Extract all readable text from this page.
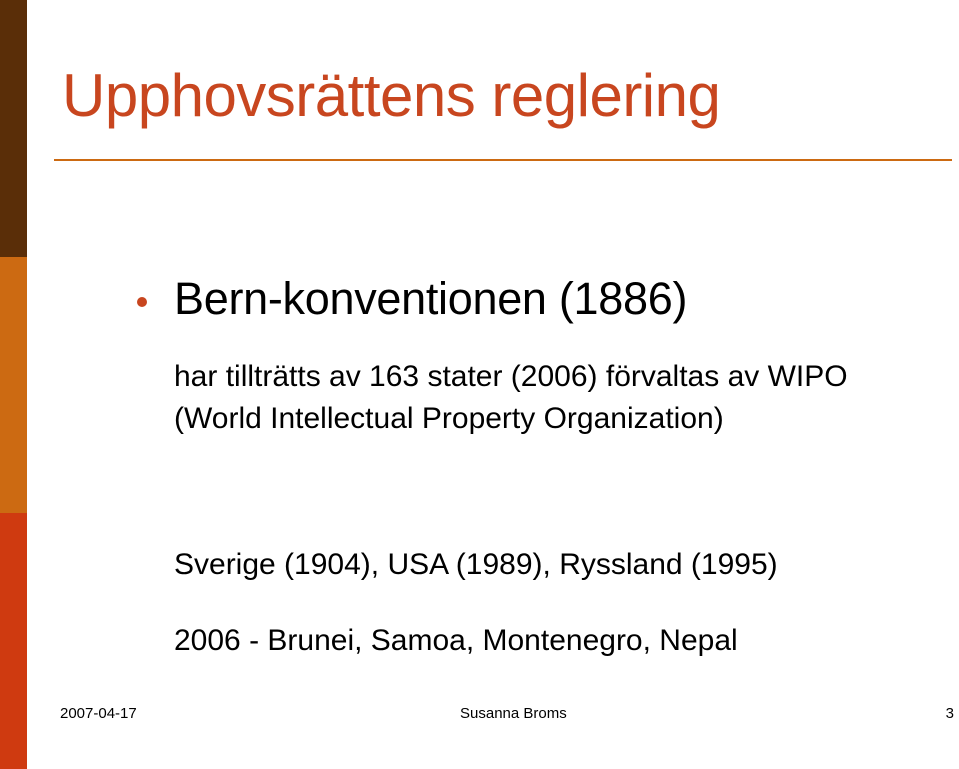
Upphovsrättens reglering
Bern-konventionen (1886)
har tillträtts av 163 stater (2006) förvaltas av WIPO
(World Intellectual Property Organization)
Sverige (1904), USA (1989), Ryssland (1995)
2006 - Brunei, Samoa, Montenegro, Nepal
2007-04-17	Susanna Broms	3
